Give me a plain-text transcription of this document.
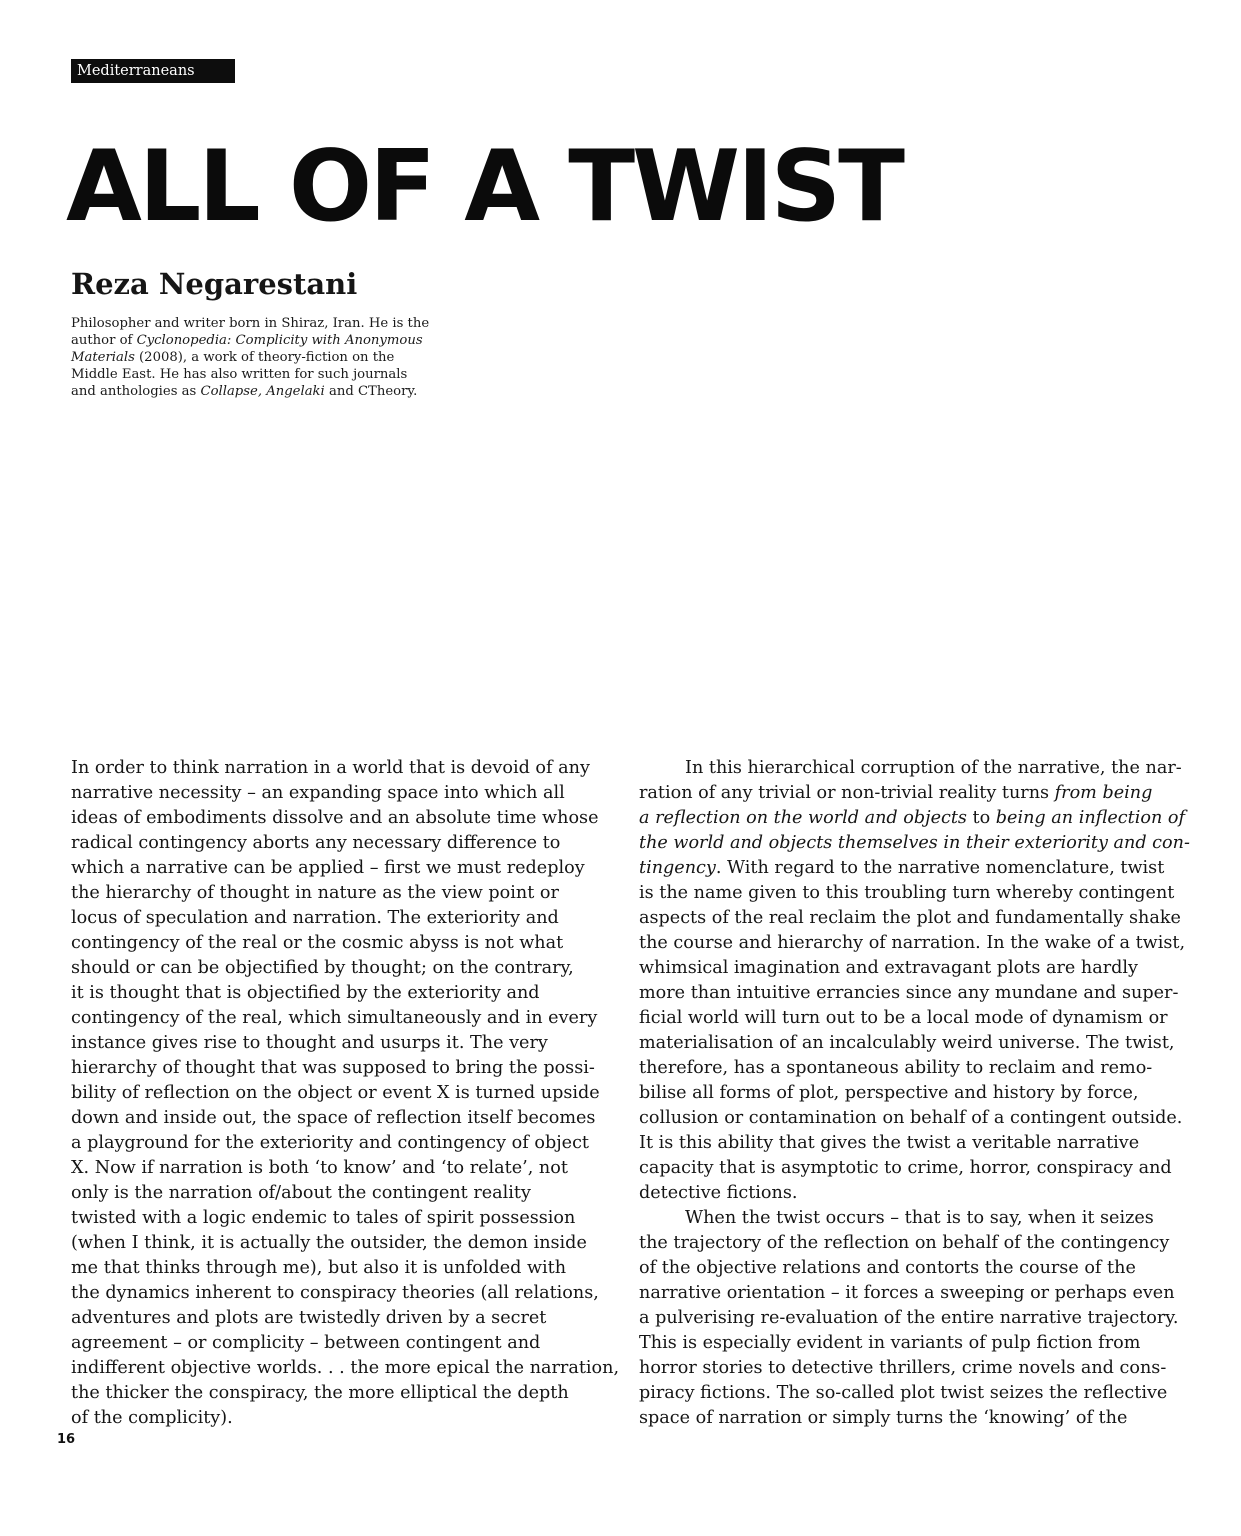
Mediterraneans
ALL OF A TWIST
Reza Negarestani
Philosopher and writer born in Shiraz, Iran. He is the
author of Cyclonopedia: Complicity with Anonymous
Materials (2008), a work of theory-fiction on the
Middle East. He has also written for such journals
and anthologies as Collapse, Angelaki and CTheory.
In order to think narration in a world that is devoid of any
narrative necessity – an expanding space into which all
ideas of embodiments dissolve and an absolute time whose
radical contingency aborts any necessary difference to
which a narrative can be applied – first we must redeploy
the hierarchy of thought in nature as the view point or
locus of speculation and narration. The exteriority and
contingency of the real or the cosmic abyss is not what
should or can be objectified by thought; on the contrary,
it is thought that is objectified by the exteriority and
contingency of the real, which simultaneously and in every
instance gives rise to thought and usurps it. The very
hierarchy of thought that was supposed to bring the possi-
bility of reflection on the object or event X is turned upside
down and inside out, the space of reflection itself becomes
a playground for the exteriority and contingency of object
X. Now if narration is both ‘to know’ and ‘to relate’, not
only is the narration of/about the contingent reality
twisted with a logic endemic to tales of spirit possession
(when I think, it is actually the outsider, the demon inside
me that thinks through me), but also it is unfolded with
the dynamics inherent to conspiracy theories (all relations,
adventures and plots are twistedly driven by a secret
agreement – or complicity – between contingent and
indifferent objective worlds. . . the more epical the narration,
the thicker the conspiracy, the more elliptical the depth
of the complicity).
In this hierarchical corruption of the narrative, the nar-
ration of any trivial or non-trivial reality turns from being
a reflection on the world and objects to being an inflection of
the world and objects themselves in their exteriority and con-
tingency. With regard to the narrative nomenclature, twist
is the name given to this troubling turn whereby contingent
aspects of the real reclaim the plot and fundamentally shake
the course and hierarchy of narration. In the wake of a twist,
whimsical imagination and extravagant plots are hardly
more than intuitive errancies since any mundane and super-
ficial world will turn out to be a local mode of dynamism or
materialisation of an incalculably weird universe. The twist,
therefore, has a spontaneous ability to reclaim and remo-
bilise all forms of plot, perspective and history by force,
collusion or contamination on behalf of a contingent outside.
It is this ability that gives the twist a veritable narrative
capacity that is asymptotic to crime, horror, conspiracy and
detective fictions.
When the twist occurs – that is to say, when it seizes
the trajectory of the reflection on behalf of the contingency
of the objective relations and contorts the course of the
narrative orientation – it forces a sweeping or perhaps even
a pulverising re-evaluation of the entire narrative trajectory.
This is especially evident in variants of pulp fiction from
horror stories to detective thrillers, crime novels and cons-
piracy fictions. The so-called plot twist seizes the reflective
space of narration or simply turns the ‘knowing’ of the
16
